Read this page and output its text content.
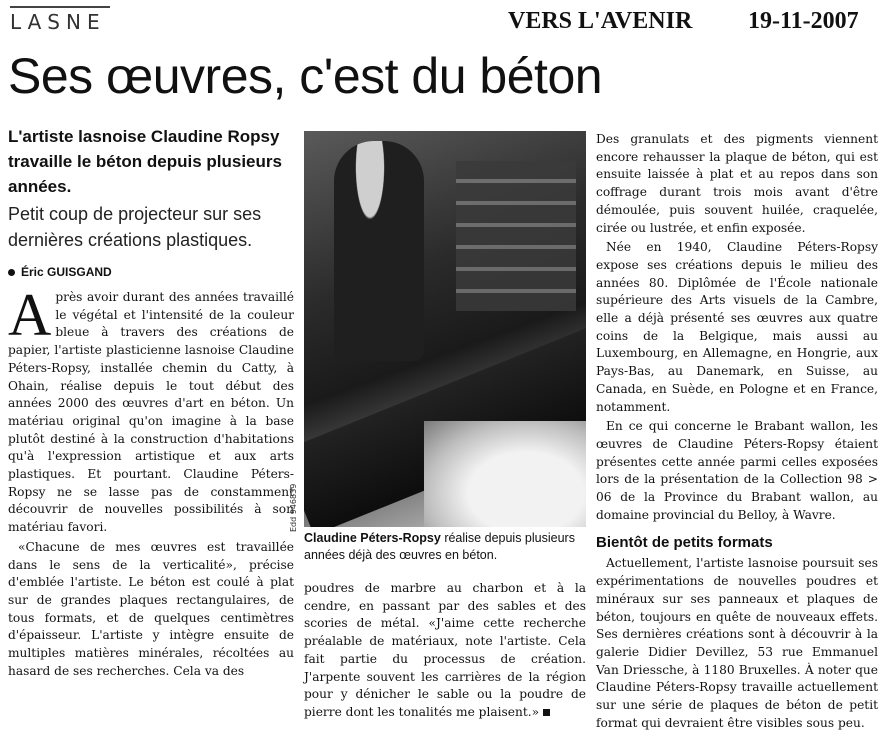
LASNE	VERS L'AVENIR 19-11-2007
Ses œuvres, c'est du béton

L'artiste lasnoise Claudine Ropsy travaille le béton depuis plusieurs années.

Petit coup de projecteur sur ses dernières créations plastiques.

Éric GUISGAND

Après avoir durant des années travaillé le végétal et l'intensité de la couleur bleue à travers des créations de papier, l'artiste plasticienne lasnoise Claudine Péters-Ropsy, installée chemin du Catty, à Ohain, réalise depuis le tout début des années 2000 des œuvres d'art en béton. Un matériau original qu'on imagine à la base plutôt destiné à la construction d'habitations qu'à l'expression artistique et aux arts plastiques. Et pourtant. Claudine Péters-Ropsy ne se lasse pas de constamment découvrir de nouvelles possibilités à son matériau favori.

«Chacune de mes œuvres est travaillée dans le sens de la verticalité», précise d'emblée l'artiste. Le béton est coulé à plat sur de grandes plaques rectangulaires, de tous formats, et de quelques centimètres d'épaisseur. L'artiste y intègre ensuite de multiples matières minérales, récoltées au hasard de ses recherches. Cela va des

Edd 946839
Claudine Péters-Ropsy réalise depuis plusieurs années déjà des œuvres en béton.

poudres de marbre au charbon et à la cendre, en passant par des sables et des scories de métal. «J'aime cette recherche préalable de matériaux, note l'artiste. Cela fait partie du processus de création. J'arpente souvent les carrières de la région pour y dénicher le sable ou la poudre de pierre dont les tonalités me plaisent.»

Des granulats et des pigments viennent encore rehausser la plaque de béton, qui est ensuite laissée à plat et au repos dans son coffrage durant trois mois avant d'être démoulée, puis souvent huilée, craquelée, cirée ou lustrée, et enfin exposée.

Née en 1940, Claudine Péters-Ropsy expose ses créations depuis le milieu des années 80. Diplômée de l'École nationale supérieure des Arts visuels de la Cambre, elle a déjà présenté ses œuvres aux quatre coins de la Belgique, mais aussi au Luxembourg, en Allemagne, en Hongrie, aux Pays-Bas, au Danemark, en Suisse, au Canada, en Suède, en Pologne et en France, notamment.

En ce qui concerne le Brabant wallon, les œuvres de Claudine Péters-Ropsy étaient présentes cette année parmi celles exposées lors de la présentation de la Collection 98 > 06 de la Province du Brabant wallon, au domaine provincial du Belloy, à Wavre.

Bientôt de petits formats

Actuellement, l'artiste lasnoise poursuit ses expérimentations de nouvelles poudres et minéraux sur ses panneaux et plaques de béton, toujours en quête de nouveaux effets. Ses dernières créations sont à découvrir à la galerie Didier Devillez, 53 rue Emmanuel Van Driessche, à 1180 Bruxelles. À noter que Claudine Péters-Ropsy travaille actuellement sur une série de plaques de béton de petit format qui devraient être visibles sous peu.
